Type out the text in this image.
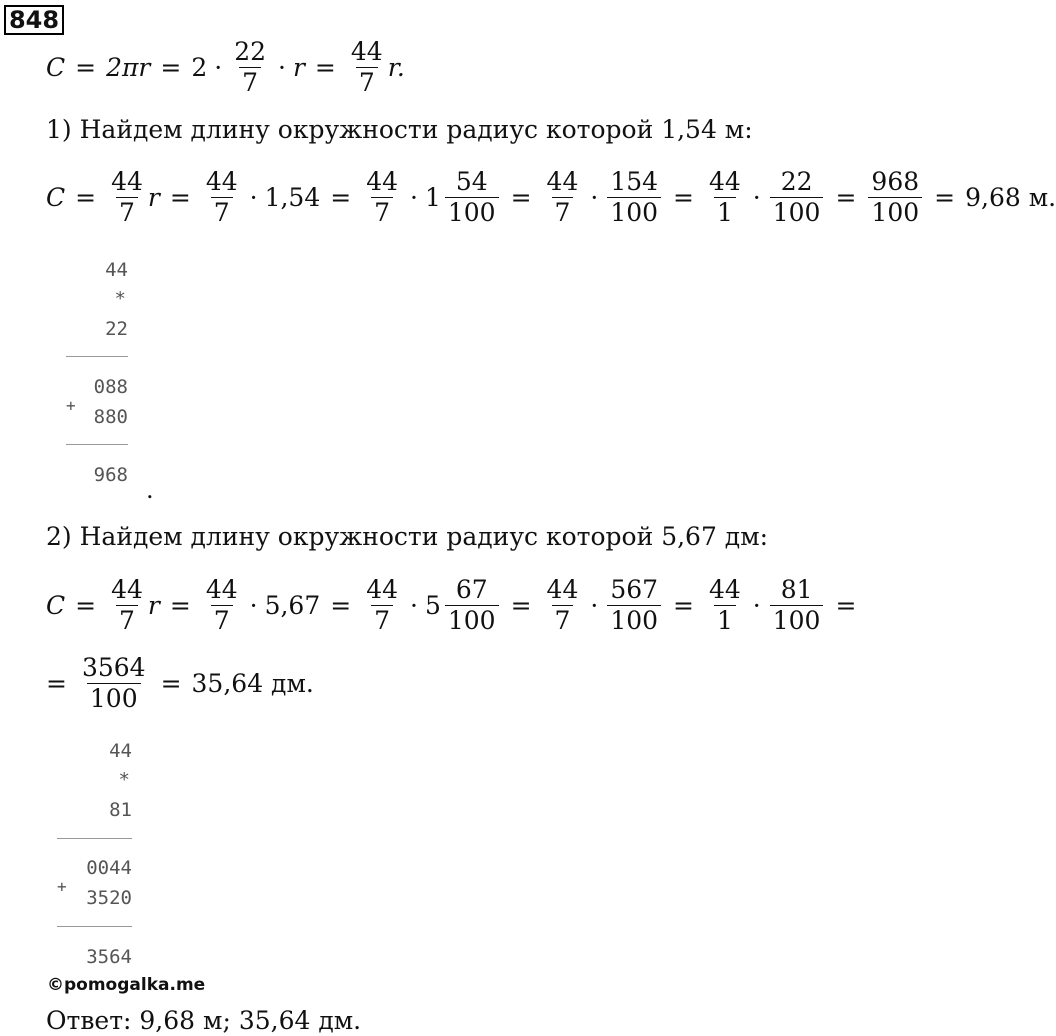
848
$C = 2\pi r = 2 \cdot \frac{22}{7} \cdot r = \frac{44}{7} r$.
1) Найдем длину окружности радиус которой 1,54 м:
$C = \frac{44}{7}$ $r = \frac{44}{7} \cdot 1,54 = \frac{44}{7} \cdot 1 \frac{54}{100} = \frac{44}{7} \cdot \frac{154}{100} = \frac{44}{1} \cdot \frac{22}{100} = \frac{968}{100} = 9,68$ м.
44
*
22
088
+
880
968
.
2) Найдем длину окружности радиус которой 5,67 дм:
$C = \frac{44}{7}$ $r = \frac{44}{7} \cdot 5,67 = \frac{44}{7} \cdot 5 \frac{67}{100} = \frac{44}{7} \cdot \frac{567}{100} = \frac{44}{1} \cdot \frac{81}{100}$ =
= $\frac{3564}{100} = 35,64$ дм.
44
*
81
0044
+
3520
3564
©pomogalka.me
Ответ: 9,68 м; 35,64 дм.
